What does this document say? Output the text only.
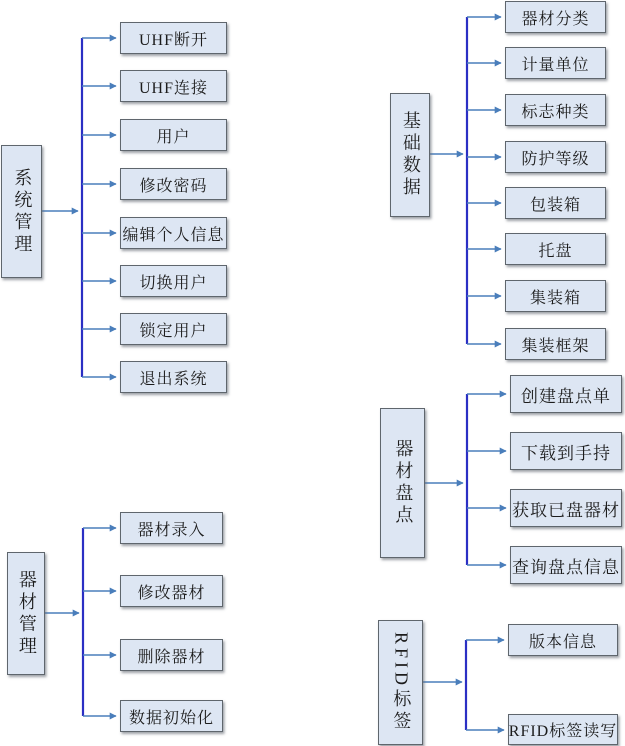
系统管理
UHF断开
UHF连接
用户
修改密码
编辑个人信息
切换用户
锁定用户
退出系统
基础数据
器材分类
计量单位
标志种类
防护等级
包装箱
托盘
集装箱
集装框架
器材管理
器材录入
修改器材
删除器材
数据初始化
器材盘点
创建盘点单
下载到手持
获取已盘器材
查询盘点信息
RFID标签	版本信息
RFID标签读写
